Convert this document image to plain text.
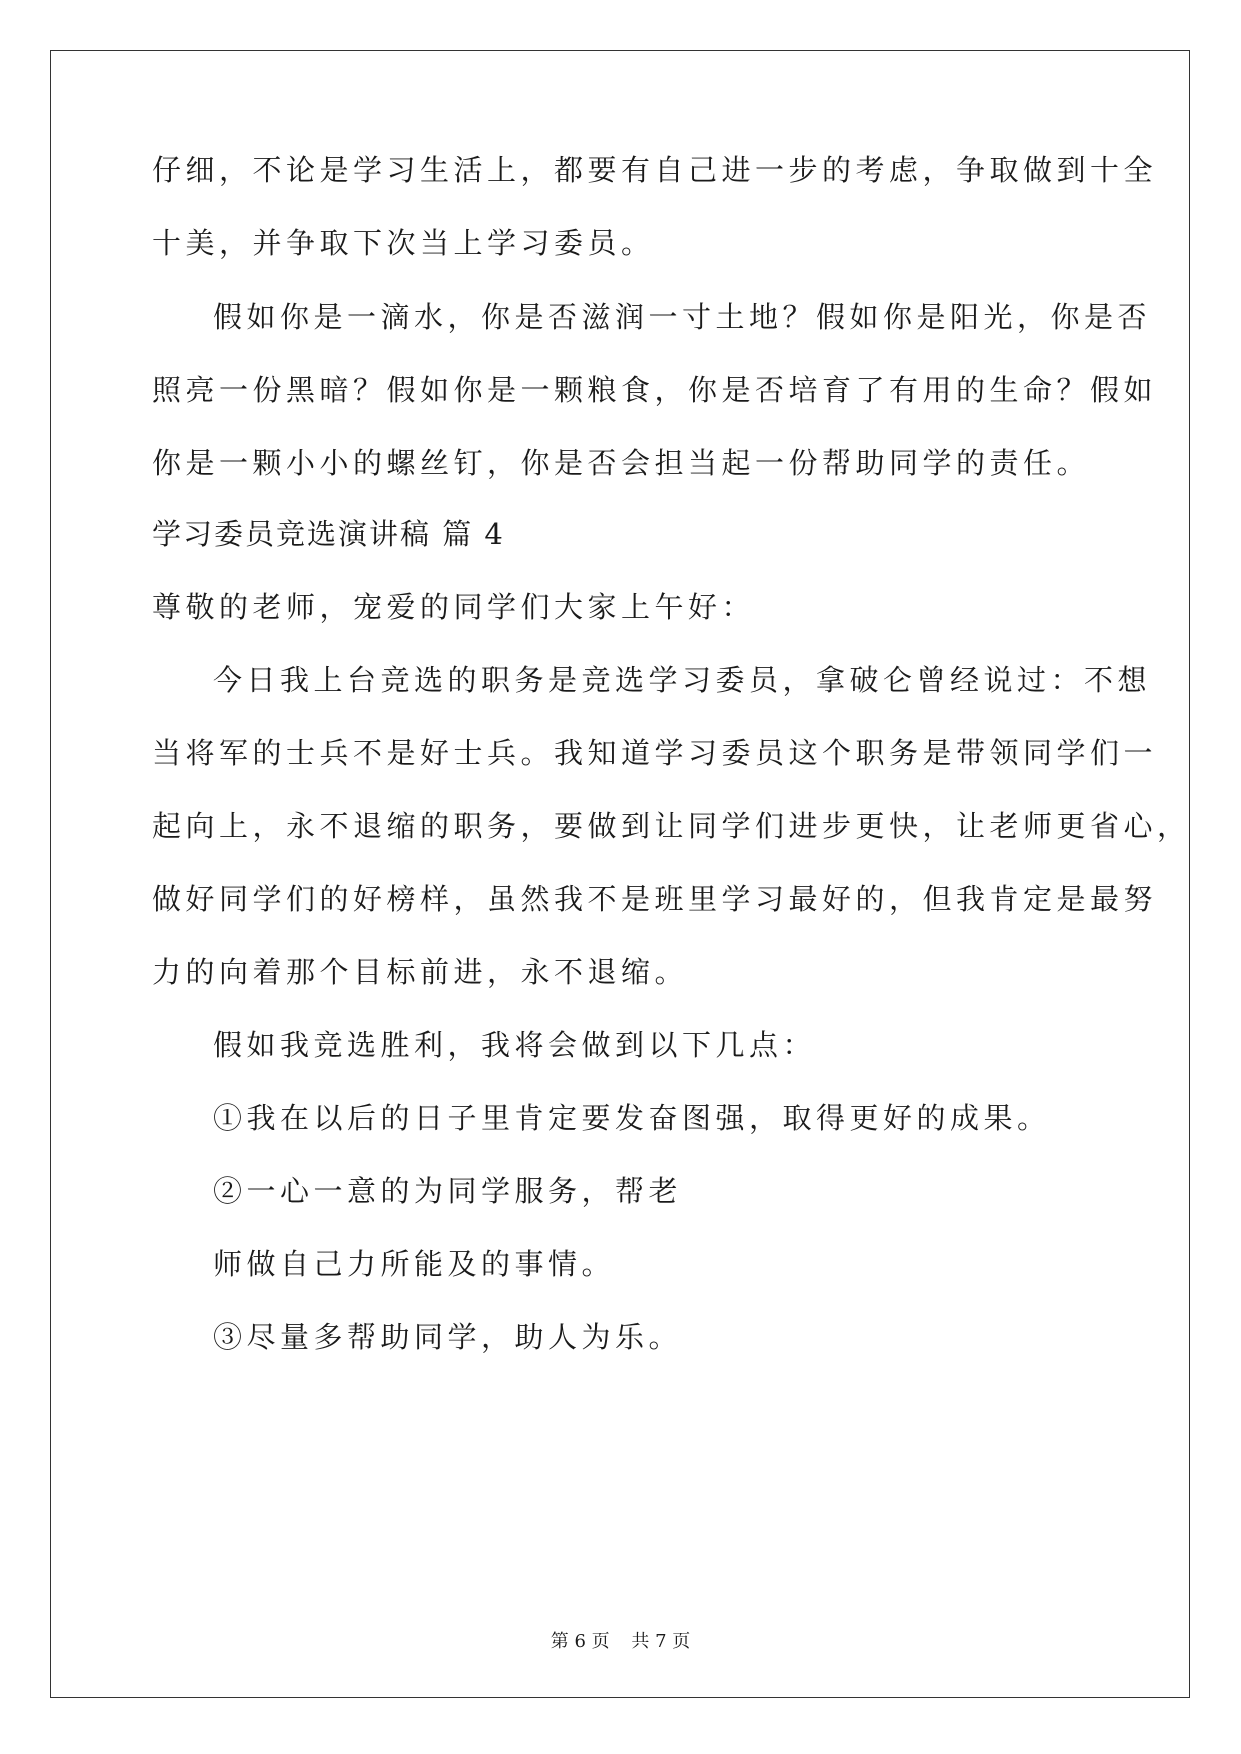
仔细，不论是学习生活上，都要有自己进一步的考虑，争取做到十全
十美，并争取下次当上学习委员。
假如你是一滴水，你是否滋润一寸土地？假如你是阳光，你是否
照亮一份黑暗？假如你是一颗粮食，你是否培育了有用的生命？假如
你是一颗小小的螺丝钉，你是否会担当起一份帮助同学的责任。
学习委员竞选演讲稿 篇 4
尊敬的老师，宠爱的同学们大家上午好：
今日我上台竞选的职务是竞选学习委员，拿破仑曾经说过：不想
当将军的士兵不是好士兵。我知道学习委员这个职务是带领同学们一
起向上，永不退缩的职务，要做到让同学们进步更快，让老师更省心，
做好同学们的好榜样，虽然我不是班里学习最好的，但我肯定是最努
力的向着那个目标前进，永不退缩。
假如我竞选胜利，我将会做到以下几点：
①我在以后的日子里肯定要发奋图强，取得更好的成果。
②一心一意的为同学服务，帮老
师做自己力所能及的事情。
③尽量多帮助同学，助人为乐。
第 6 页 共 7 页
